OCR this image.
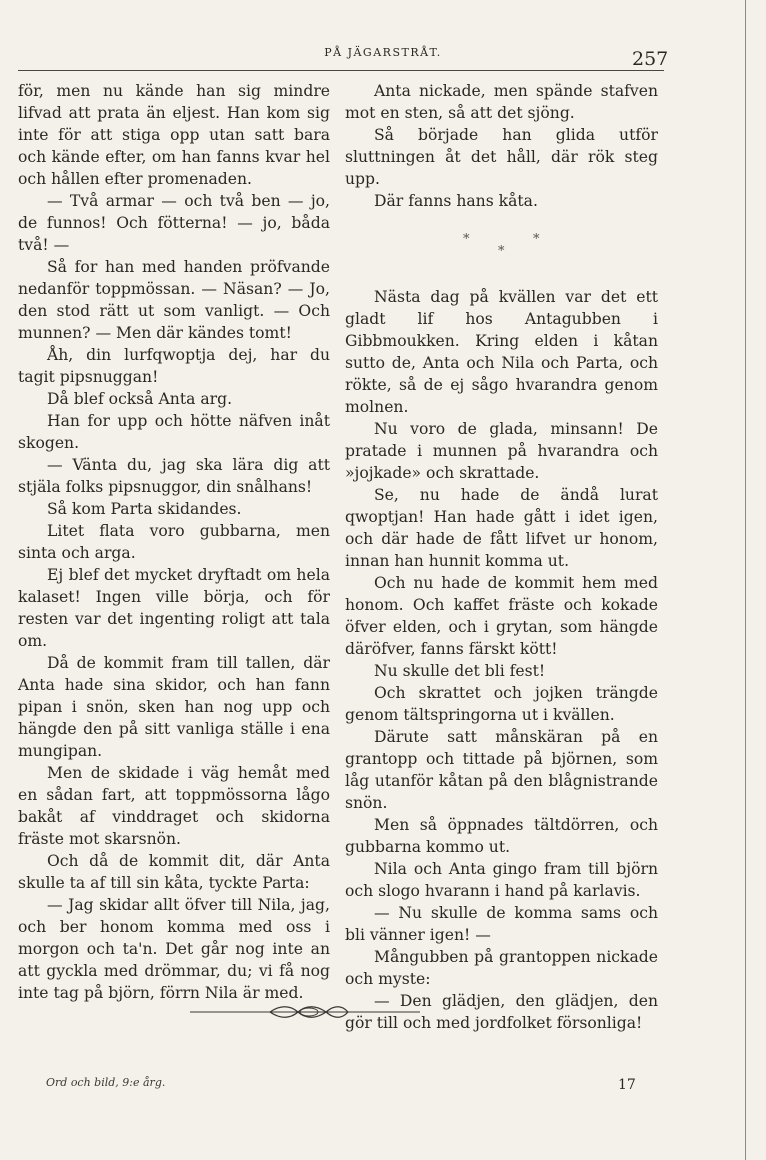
PÅ JÄGARSTRÅT.	257

för, men nu kände han sig mindre lifvad att prata än eljest. Han kom sig inte för att stiga opp utan satt bara och kände efter, om han fanns kvar hel och hållen efter promenaden.

— Två armar — och två ben — jo, de funnos! Och fötterna! — jo, båda två! —

Så for han med handen pröfvande nedanför toppmössan. — Näsan? — Jo, den stod rätt ut som vanligt. — Och munnen? — Men där kändes tomt!

Åh, din lurfqwoptja dej, har du tagit pipsnuggan!

Då blef också Anta arg.

Han for upp och hötte näfven inåt skogen.

— Vänta du, jag ska lära dig att stjäla folks pipsnuggor, din snålhans!

Så kom Parta skidandes.

Litet flata voro gubbarna, men sinta och arga.

Ej blef det mycket dryftadt om hela kalaset! Ingen ville börja, och för resten var det ingenting roligt att tala om.

Då de kommit fram till tallen, där Anta hade sina skidor, och han fann pipan i snön, sken han nog upp och hängde den på sitt vanliga ställe i ena mungipan.

Men de skidade i väg hemåt med en sådan fart, att toppmössorna lågo bakåt af vinddraget och skidorna fräste mot skarsnön.

Och då de kommit dit, där Anta skulle ta af till sin kåta, tyckte Parta:

— Jag skidar allt öfver till Nila, jag, och ber honom komma med oss i morgon och ta'n. Det går nog inte an att gyckla med drömmar, du; vi få nog inte tag på björn, förrn Nila är med.

Anta nickade, men spände stafven mot en sten, så att det sjöng.

Så började han glida utför sluttningen åt det håll, där rök steg upp.

Där fanns hans kåta.

*	*
*

Nästa dag på kvällen var det ett gladt lif hos Antagubben i Gibbmoukken. Kring elden i kåtan sutto de, Anta och Nila och Parta, och rökte, så de ej sågo hvarandra genom molnen.

Nu voro de glada, minsann! De pratade i munnen på hvarandra och »jojkade» och skrattade.

Se, nu hade de ändå lurat qwoptjan! Han hade gått i idet igen, och där hade de fått lifvet ur honom, innan han hunnit komma ut.

Och nu hade de kommit hem med honom. Och kaffet fräste och kokade öfver elden, och i grytan, som hängde däröfver, fanns färskt kött!

Nu skulle det bli fest!

Och skrattet och jojken trängde genom tältspringorna ut i kvällen.

Därute satt månskäran på en grantopp och tittade på björnen, som låg utanför kåtan på den blågnistrande snön.

Men så öppnades tältdörren, och gubbarna kommo ut.

Nila och Anta gingo fram till björn och slogo hvarann i hand på karlavis.

— Nu skulle de komma sams och bli vänner igen! —

Mångubben på grantoppen nickade och myste:

— Den glädjen, den glädjen, den gör till och med jordfolket försonliga!

Ord och bild, 9:e årg.	17
